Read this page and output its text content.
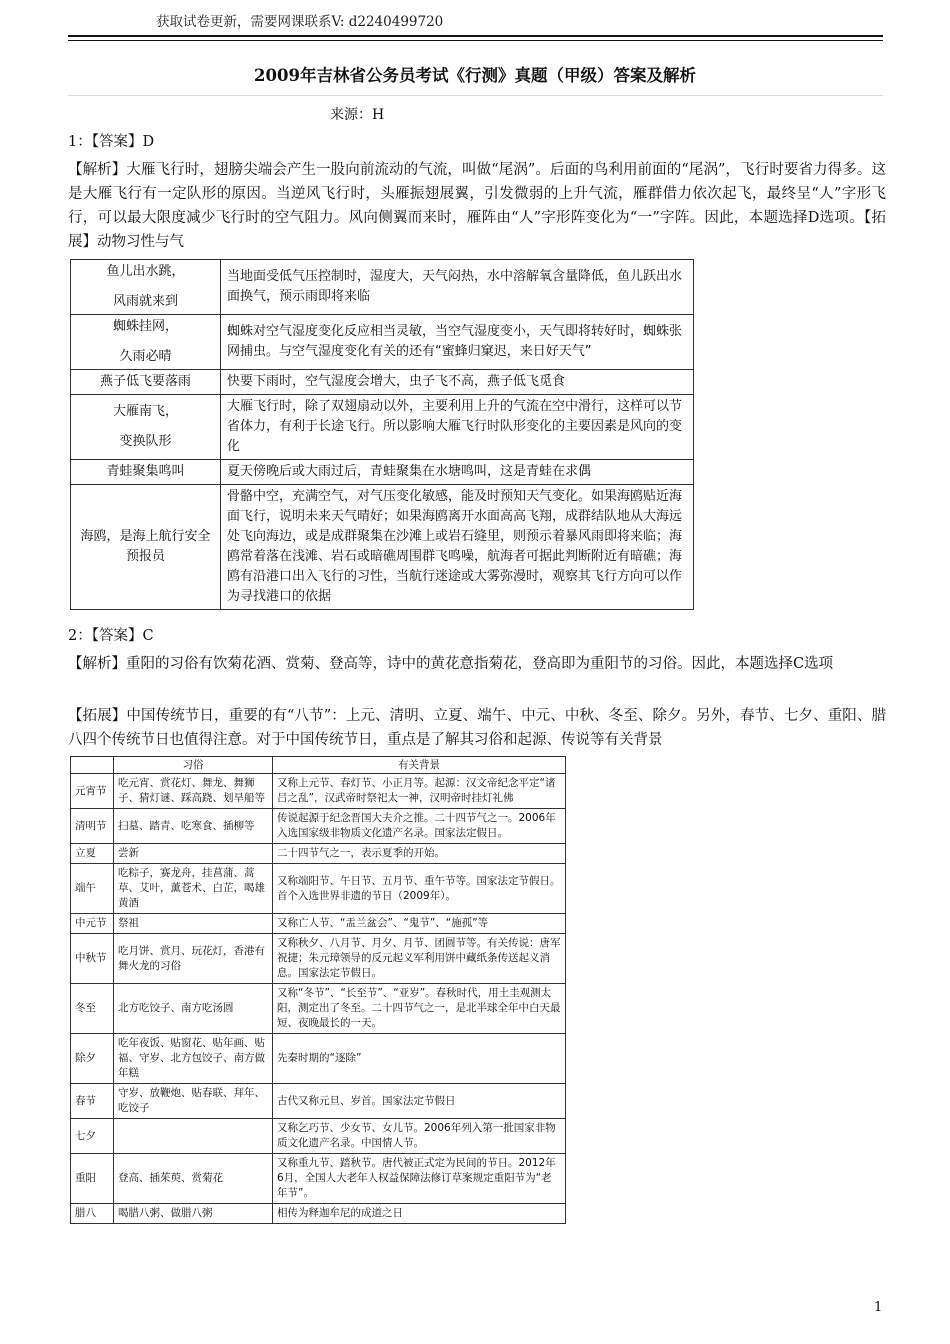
获取试卷更新，需要网课联系V: d2240499720
2009年吉林省公务员考试《行测》真题（甲级）答案及解析
来源：H
1：【答案】D

【解析】大雁飞行时，翅膀尖端会产生一股向前流动的气流，叫做“尾涡”。后面的鸟利用前面的“尾涡”，飞行时要省力得多。这是大雁飞行有一定队形的原因。当逆风飞行时，头雁振翅展翼，引发微弱的上升气流，雁群借力依次起飞，最终呈“人”字形飞行，可以最大限度减少飞行时的空气阻力。风向侧翼而来时，雁阵由“人”字形阵变化为“一”字阵。因此，本题选择D选项。【拓展】动物习性与气

鱼儿出水跳，
风雨就来到	当地面受低气压控制时，湿度大，天气闷热，水中溶解氧含量降低，鱼儿跃出水面换气，预示雨即将来临

蜘蛛挂网，
久雨必晴	蜘蛛对空气湿度变化反应相当灵敏，当空气湿度变小，天气即将转好时，蜘蛛张网捕虫。与空气湿度变化有关的还有“蜜蜂归窠迟，来日好天气”

燕子低飞要落雨	快要下雨时，空气湿度会增大，虫子飞不高，燕子低飞觅食

大雁南飞，
变换队形	大雁飞行时，除了双翅扇动以外，主要利用上升的气流在空中滑行，这样可以节省体力，有利于长途飞行。所以影响大雁飞行时队形变化的主要因素是风向的变化

青蛙聚集鸣叫	夏天傍晚后或大雨过后，青蛙聚集在水塘鸣叫，这是青蛙在求偶

海鸥，是海上航行安全预报员	骨骼中空，充满空气，对气压变化敏感，能及时预知天气变化。如果海鸥贴近海面飞行，说明未来天气晴好；如果海鸥离开水面高高飞翔，成群结队地从大海远处飞向海边，或是成群聚集在沙滩上或岩石缝里，则预示着暴风雨即将来临；海鸥常着落在浅滩、岩石或暗礁周围群飞鸣噪，航海者可据此判断附近有暗礁；海鸥有沿港口出入飞行的习性，当航行迷途或大雾弥漫时，观察其飞行方向可以作为寻找港口的依据
2：【答案】C

【解析】重阳的习俗有饮菊花酒、赏菊、登高等，诗中的黄花意指菊花，登高即为重阳节的习俗。因此，本题选择C选项

【拓展】中国传统节日，重要的有“八节”：上元、清明、立夏、端午、中元、中秋、冬至、除夕。另外，春节、七夕、重阳、腊八四个传统节日也值得注意。对于中国传统节日，重点是了解其习俗和起源、传说等有关背景

	习俗	有关背景
元宵节	吃元宵、赏花灯、舞龙、舞狮子、猜灯谜、踩高跷、划旱船等	又称上元节、春灯节、小正月等。起源：汉文帝纪念平定“诸吕之乱”，汉武帝时祭祀太一神，汉明帝时挂灯礼佛
清明节	扫墓、踏青、吃寒食、插柳等	传说起源于纪念晋国大夫介之推。二十四节气之一。2006年入选国家级非物质文化遗产名录。国家法定假日。
立夏	尝新	二十四节气之一，表示夏季的开始。
端午	吃粽子，赛龙舟，挂菖蒲、蒿草、艾叶，薰苍术、白芷，喝雄黄酒	又称端阳节、午日节、五月节、重午节等。国家法定节假日。首个入选世界非遗的节日（2009年）。
中元节	祭祖	又称亡人节、“盂兰盆会”、“鬼节”、“施孤”等
中秋节	吃月饼、赏月、玩花灯，香港有舞火龙的习俗	又称秋夕、八月节、月夕、月节、团圆节等。有关传说：唐军祝捷；朱元璋领导的反元起义军利用饼中藏纸条传送起义消息。国家法定节假日。
冬至	北方吃饺子、南方吃汤圆	又称“冬节”、“长至节”、“亚岁”。春秋时代，用土圭观测太阳，测定出了冬至。二十四节气之一，是北半球全年中白天最短、夜晚最长的一天。
除夕	吃年夜饭、贴窗花、贴年画、贴福、守岁、北方包饺子、南方做年糕	先秦时期的“逐除”
春节	守岁、放鞭炮、贴春联、拜年、吃饺子	古代又称元旦、岁首。国家法定节假日
七夕		又称乞巧节、少女节、女儿节。2006年列入第一批国家非物质文化遗产名录。中国情人节。
重阳	登高、插茱萸、赏菊花	又称重九节、踏秋节。唐代被正式定为民间的节日。2012年6月，全国人大老年人权益保障法修订草案规定重阳节为“老年节”。
腊八	喝腊八粥、做腊八粥	相传为释迦牟尼的成道之日
1
